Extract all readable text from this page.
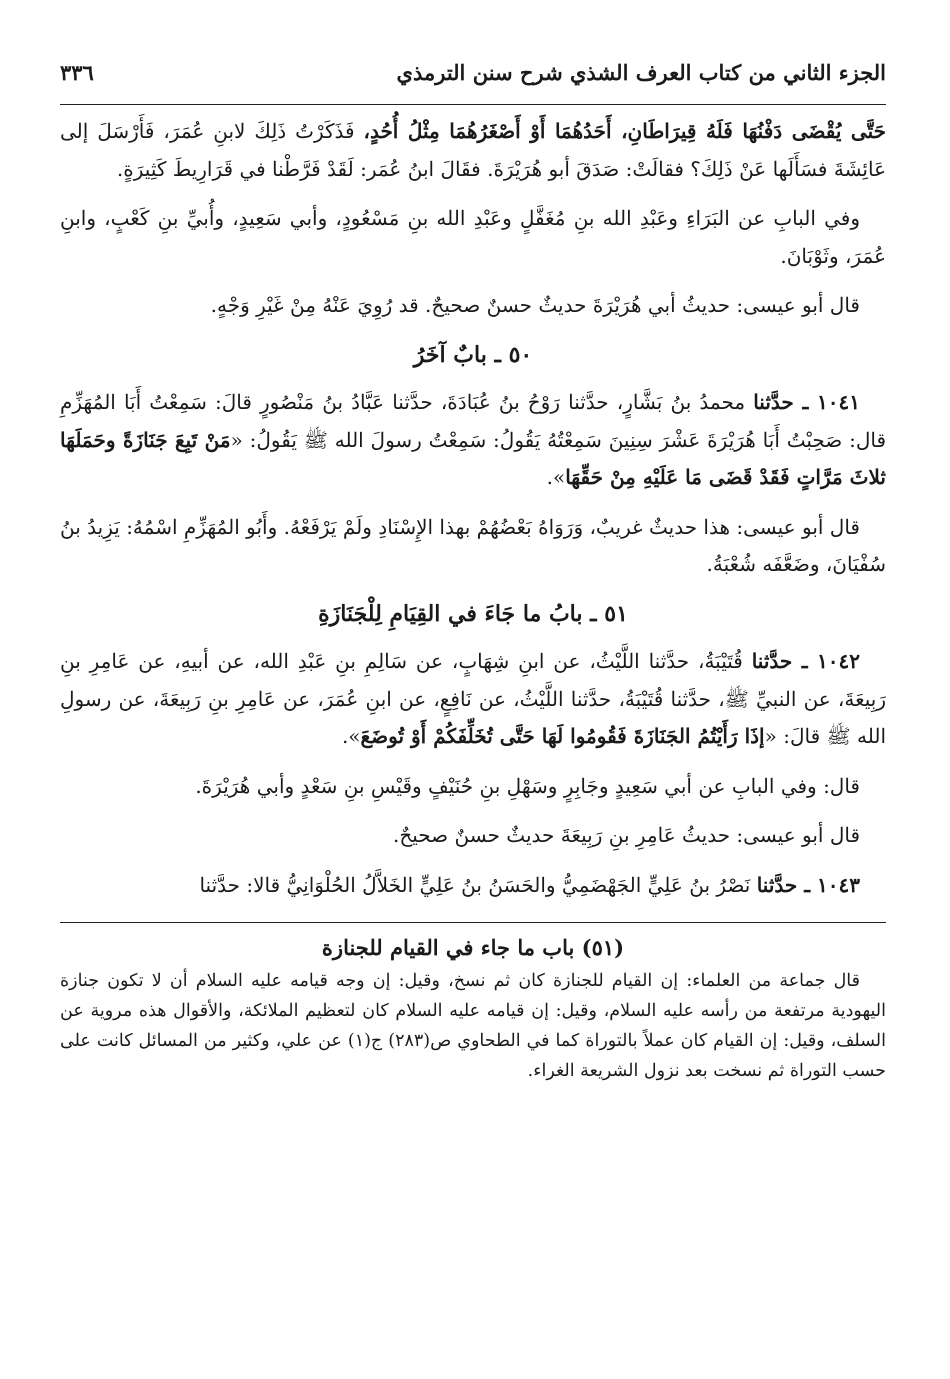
الجزء الثاني من كتاب العرف الشذي شرح سنن الترمذي
٣٣٦

حَتَّى يُقْضَى دَفْنُهَا فَلَهُ قِيرَاطَانِ، أَحَدُهُمَا أَوْ أَصْغَرُهُمَا مِثْلُ أُحُدٍ، فَذَكَرْتُ ذَلِكَ لابنِ عُمَرَ، فَأَرْسَلَ إلى عَائِشَةَ فسَأَلَها عَنْ ذَلِكَ؟ فقالَتْ: صَدَقَ أبو هُرَيْرَةَ. فقَالَ ابنُ عُمَر: لَقَدْ فَرَّطْنا في قَرَارِيطَ كَثِيرَةٍ.

وفي البابِ عن البَرَاءِ وعَبْدِ الله بنِ مُغَفَّلٍ وعَبْدِ الله بنِ مَسْعُودٍ، وأبي سَعِيدٍ، وأُبيِّ بنِ كَعْبٍ، وابنِ عُمَرَ، وثَوْبَانَ.

قال أبو عيسى: حديثُ أبي هُرَيْرَةَ حديثٌ حسنٌ صحيحٌ. قد رُوِيَ عَنْهُ مِنْ غَيْرِ وَجْهٍ.

٥٠ ـ بابٌ آخَرُ

١٠٤١ ـ حدَّثنا محمدُ بنُ بَشَّارٍ، حدَّثنا رَوْحُ بنُ عُبَادَةَ، حدَّثنا عَبَّادُ بنُ مَنْصُورٍ قالَ: سَمِعْتُ أَبَا المُهَزِّمِ قال: صَحِبْتُ أَبَا هُرَيْرَةَ عَشْرَ سِنِينَ سَمِعْتُهُ يَقُولُ: سَمِعْتُ رسولَ الله ﷺ يَقُولُ: «مَنْ تَبِعَ جَنَازَةً وحَمَلَهَا ثلاثَ مَرَّاتٍ فَقَدْ قَضَى مَا عَلَيْهِ مِنْ حَقِّهَا».

قال أبو عيسى: هذا حديثٌ غريبٌ، وَرَوَاهُ بَعْضُهُمْ بهذا الإِسْنَادِ ولَمْ يَرْفَعْهُ. وأَبُو المُهَزِّمِ اسْمُهُ: يَزِيدُ بنُ سُفْيَانَ، وضَعَّفَه شُعْبَةُ.

٥١ ـ بابُ ما جَاءَ في القِيَامِ لِلْجَنَازَةِ

١٠٤٢ ـ حدَّثنا قُتَيْبَةُ، حدَّثنا اللَّيْثُ، عن ابنِ شِهَابٍ، عن سَالِمِ بنِ عَبْدِ الله، عن أبيهِ، عن عَامِرِ بنِ رَبِيعَةَ، عن النبيِّ ﷺ، حدَّثنا قُتَيْبَةُ، حدَّثنا اللَّيْثُ، عن نَافِعٍ، عن ابنِ عُمَرَ، عن عَامِرِ بنِ رَبِيعَةَ، عن رسولِ الله ﷺ قالَ: «إذَا رَأَيْتُمُ الجَنَازَةَ فَقُومُوا لَهَا حَتَّى تُخَلِّفَكُمْ أَوْ تُوضَعَ».

قال: وفي البابِ عن أبي سَعِيدٍ وجَابِرٍ وسَهْلِ بنِ حُنَيْفٍ وقَيْسِ بنِ سَعْدٍ وأبي هُرَيْرَةَ.

قال أبو عيسى: حديثُ عَامِرِ بنِ رَبِيعَةَ حديثٌ حسنٌ صحيحٌ.

١٠٤٣ ـ حدَّثنا نَصْرُ بنُ عَلِيٍّ الجَهْضَمِيُّ والحَسَنُ بنُ عَلِيٍّ الخَلاَّلُ الحُلْوَانِيُّ قالا: حدَّثنا

(٥١) باب ما جاء في القيام للجنازة

قال جماعة من العلماء: إن القيام للجنازة كان ثم نسخ، وقيل: إن وجه قيامه عليه السلام أن لا تكون جنازة اليهودية مرتفعة من رأسه عليه السلام، وقيل: إن قيامه عليه السلام كان لتعظيم الملائكة، والأقوال هذه مروية عن السلف، وقيل: إن القيام كان عملاً بالتوراة كما في الطحاوي ص(٢٨٣) ج(١) عن علي، وكثير من المسائل كانت على حسب التوراة ثم نسخت بعد نزول الشريعة الغراء.
